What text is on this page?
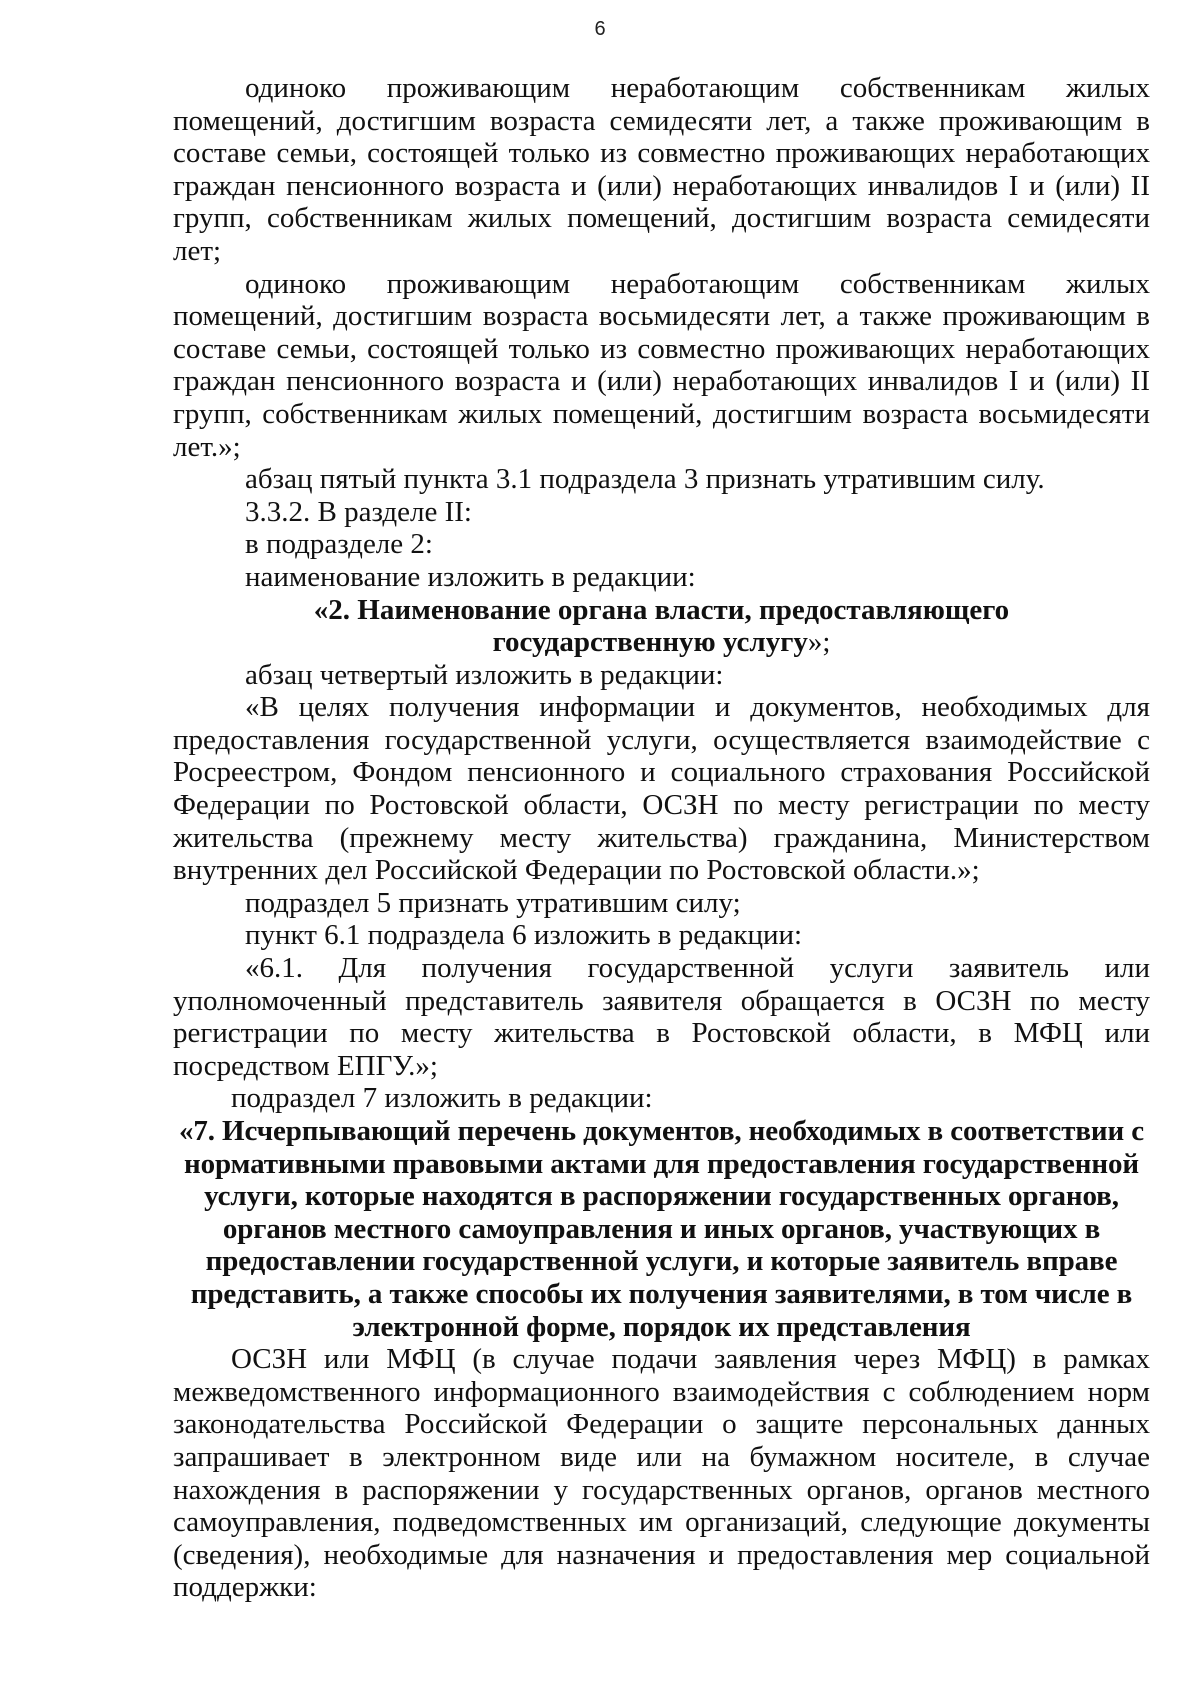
6

одиноко проживающим неработающим собственникам жилых помещений, достигшим возраста семидесяти лет, а также проживающим в составе семьи, состоящей только из совместно проживающих неработающих граждан пенсионного возраста и (или) неработающих инвалидов I и (или) II групп, собственникам жилых помещений, достигшим возраста семидесяти лет;

одиноко проживающим неработающим собственникам жилых помещений, достигшим возраста восьмидесяти лет, а также проживающим в составе семьи, состоящей только из совместно проживающих неработающих граждан пенсионного возраста и (или) неработающих инвалидов I и (или) II групп, собственникам жилых помещений, достигшим возраста восьмидесяти лет.»;

абзац пятый пункта 3.1 подраздела 3 признать утратившим силу.

3.3.2. В разделе II:

в подразделе 2:

наименование изложить в редакции:

«2. Наименование органа власти, предоставляющего государственную услугу»;

абзац четвертый изложить в редакции:

«В целях получения информации и документов, необходимых для предоставления государственной услуги, осуществляется взаимодействие с Росреестром, Фондом пенсионного и социального страхования Российской Федерации по Ростовской области, ОСЗН по месту регистрации по месту жительства (прежнему месту жительства) гражданина, Министерством внутренних дел Российской Федерации по Ростовской области.»;

подраздел 5 признать утратившим силу;

пункт 6.1 подраздела 6 изложить в редакции:

«6.1. Для получения государственной услуги заявитель или уполномоченный представитель заявителя обращается в ОСЗН по месту регистрации по месту жительства в Ростовской области, в МФЦ или посредством ЕПГУ.»;

подраздел 7 изложить в редакции:

«7. Исчерпывающий перечень документов, необходимых в соответствии с нормативными правовыми актами для предоставления государственной услуги, которые находятся в распоряжении государственных органов, органов местного самоуправления и иных органов, участвующих в предоставлении государственной услуги, и которые заявитель вправе представить, а также способы их получения заявителями, в том числе в электронной форме, порядок их представления

ОСЗН или МФЦ (в случае подачи заявления через МФЦ) в рамках межведомственного информационного взаимодействия с соблюдением норм законодательства Российской Федерации о защите персональных данных запрашивает в электронном виде или на бумажном носителе, в случае нахождения в распоряжении у государственных органов, органов местного самоуправления, подведомственных им организаций, следующие документы (сведения), необходимые для назначения и предоставления мер социальной поддержки:
